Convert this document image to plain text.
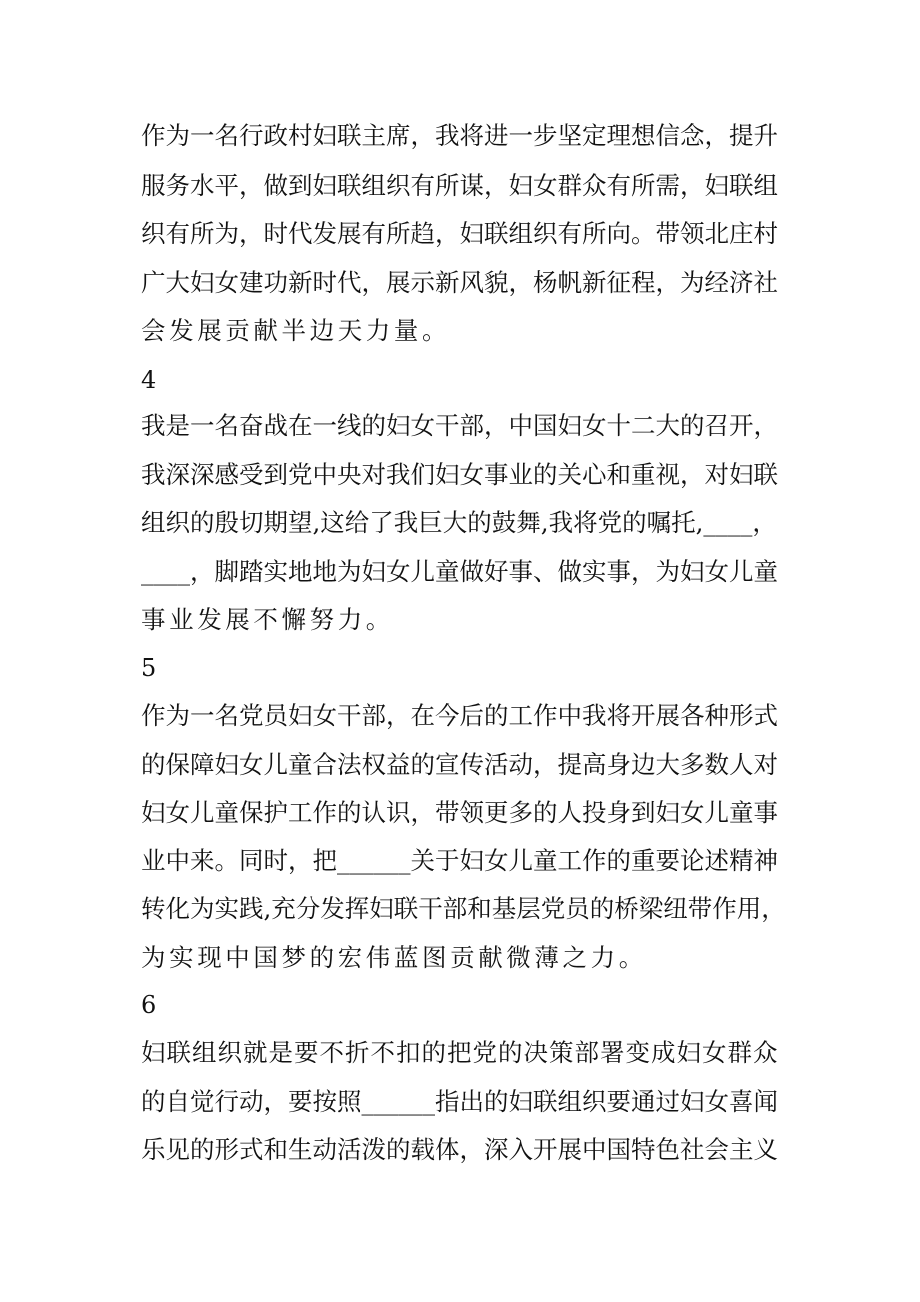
作为一名行政村妇联主席，我将进一步坚定理想信念，提升
服务水平，做到妇联组织有所谋，妇女群众有所需，妇联组
织有所为，时代发展有所趋，妇联组织有所向。带领北庄村
广大妇女建功新时代，展示新风貌，杨帆新征程，为经济社
会发展贡献半边天力量。
4
我是一名奋战在一线的妇女干部，中国妇女十二大的召开，
我深深感受到党中央对我们妇女事业的关心和重视，对妇联
组织的殷切期望,这给了我巨大的鼓舞,我将党的嘱托,____，
____，脚踏实地地为妇女儿童做好事、做实事，为妇女儿童
事业发展不懈努力。
5
作为一名党员妇女干部，在今后的工作中我将开展各种形式
的保障妇女儿童合法权益的宣传活动，提高身边大多数人对
妇女儿童保护工作的认识，带领更多的人投身到妇女儿童事
业中来。同时，把______关于妇女儿童工作的重要论述精神
转化为实践,充分发挥妇联干部和基层党员的桥梁纽带作用，
为实现中国梦的宏伟蓝图贡献微薄之力。
6
妇联组织就是要不折不扣的把党的决策部署变成妇女群众
的自觉行动，要按照______指出的妇联组织要通过妇女喜闻
乐见的形式和生动活泼的载体，深入开展中国特色社会主义
